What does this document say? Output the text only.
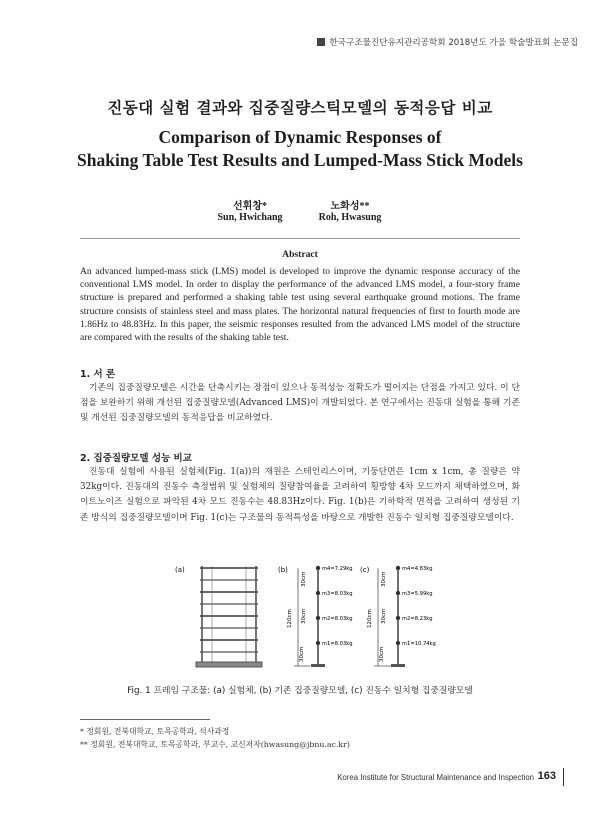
한국구조물진단유지관리공학회 2018년도 가을 학술발표회 논문집
진동대 실험 결과와 집중질량스틱모델의 동적응답 비교
Comparison of Dynamic Responses of
Shaking Table Test Results and Lumped-Mass Stick Models
선휘창*
Sun, Hwichang
노화성**
Roh, Hwasung
Abstract
An advanced lumped-mass stick (LMS) model is developed to improve the dynamic response accuracy of the conventional LMS model. In order to display the performance of the advanced LMS model, a four-story frame structure is prepared and performed a shaking table test using several earthquake ground motions. The frame structure consists of stainless steel and mass plates. The horizontal natural frequencies of first to fourth mode are 1.86Hz to 48.83Hz. In this paper, the seismic responses resulted from the advanced LMS model of the structure are compared with the results of the shaking table test.
1. 서 론
기존의 집중질량모델은 시간을 단축시키는 장점이 있으나 동적성능 정확도가 떨어지는 단점을 가지고 있다. 이 단점을 보완하기 위해 개선된 집중질량모델(Advanced LMS)이 개발되었다. 본 연구에서는 진동대 실험을 통해 기존 및 개선된 집중질량모델의 동적응답을 비교하였다.
2. 집중질량모델 성능 비교
진동대 실험에 사용된 실험체(Fig. 1(a))의 재원은 스테인리스이며, 기둥단면은 1cm x 1cm, 총 질량은 약 32kg이다. 진동대의 진동수 측정범위 및 실험체의 질량참여율을 고려하여 횡방향 4차 모드까지 채택하였으며, 화이트노이즈 실험으로 파악된 4차 모드 진동수는 48.83Hz이다. Fig. 1(b)은 기하학적 면적을 고려하여 생성된 기존 방식의 집중질량모델이며 Fig. 1(c)는 구조물의 동적특성을 바탕으로 개발한 진동수 일치형 집중질량모델이다.
(a)
30cm
30cm
120cm 30cm
m4=7.29kg
m3=8.03kg
m2=8.03kg
m1=8.03kg
(b)
30cm
30cm
120cm 30cm
m4=4.83kg
m3=5.99kg
m2=8.23kg
m1=10.74kg
(c)
Fig. 1 프레임 구조물: (a) 실험체, (b) 기존 집중질량모델, (c) 진동수 일치형 집중질량모델
* 정회원, 전북대학교, 토목공학과, 석사과정
** 정회원, 전북대학교, 토목공학과, 부교수, 교신저자(hwasung@jbnu.ac.kr)
Korea Institute for Structural Maintenance and Inspection 163
